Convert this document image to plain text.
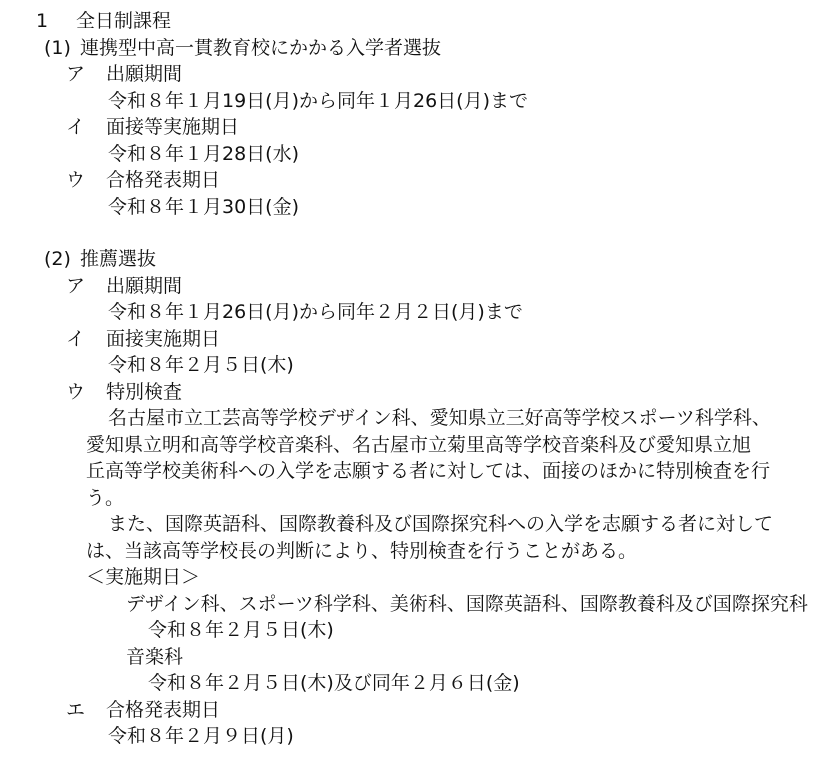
1 全日制課程
(1) 連携型中高一貫教育校にかかる入学者選抜
ア 出願期間
令和８年１月19日(月)から同年１月26日(月)まで
イ 面接等実施期日
令和８年１月28日(水)
ウ 合格発表期日
令和８年１月30日(金)
(2) 推薦選抜
ア 出願期間
令和８年１月26日(月)から同年２月２日(月)まで
イ 面接実施期日
令和８年２月５日(木)
ウ 特別検査
名古屋市立工芸高等学校デザイン科、愛知県立三好高等学校スポーツ科学科、
愛知県立明和高等学校音楽科、名古屋市立菊里高等学校音楽科及び愛知県立旭
丘高等学校美術科への入学を志願する者に対しては、面接のほかに特別検査を行
う。
また、国際英語科、国際教養科及び国際探究科への入学を志願する者に対して
は、当該高等学校長の判断により、特別検査を行うことがある。
＜実施期日＞
デザイン科、スポーツ科学科、美術科、国際英語科、国際教養科及び国際探究科
令和８年２月５日(木)
音楽科
令和８年２月５日(木)及び同年２月６日(金)
エ 合格発表期日
令和８年２月９日(月)
